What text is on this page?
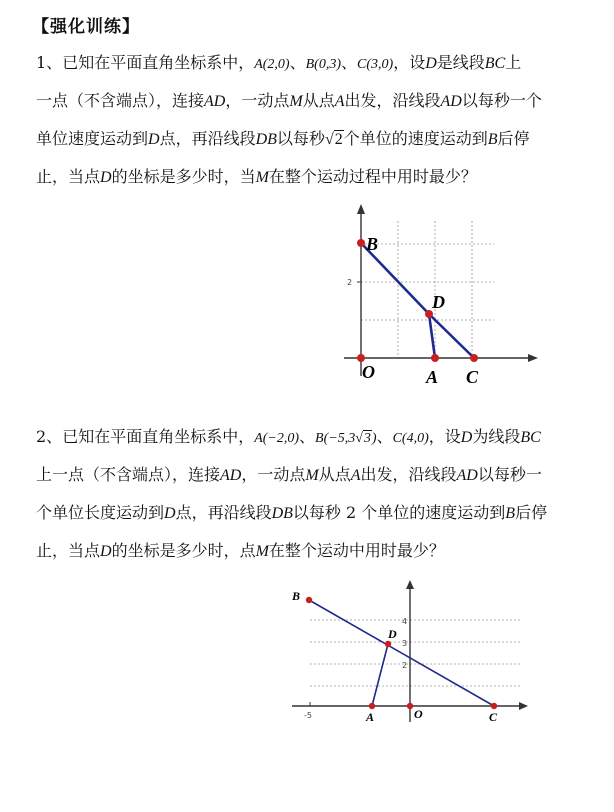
【强化训练】
1、已知在平面直角坐标系中，A(2,0)、B(0,3)、C(3,0)，设D是线段BC上
一点（不含端点），连接AD，一动点M从点A出发，沿线段AD以每秒一个
单位速度运动到D点，再沿线段DB以每秒√2个单位的速度运动到B后停
止，当点D的坐标是多少时，当M在整个运动过程中用时最少？
2
B
D
O	A C
2、已知在平面直角坐标系中，A(−2,0)、B(−5,3√3)、C(4,0)，设D为线段BC
上一点（不含端点），连接AD，一动点M从点A出发，沿线段AD以每秒一
个单位长度运动到D点，再沿线段DB以每秒 2 个单位的速度运动到B后停
止，当点D的坐标是多少时，点M在整个运动中用时最少？
-5
4
3
2
B
D
A	O	C
